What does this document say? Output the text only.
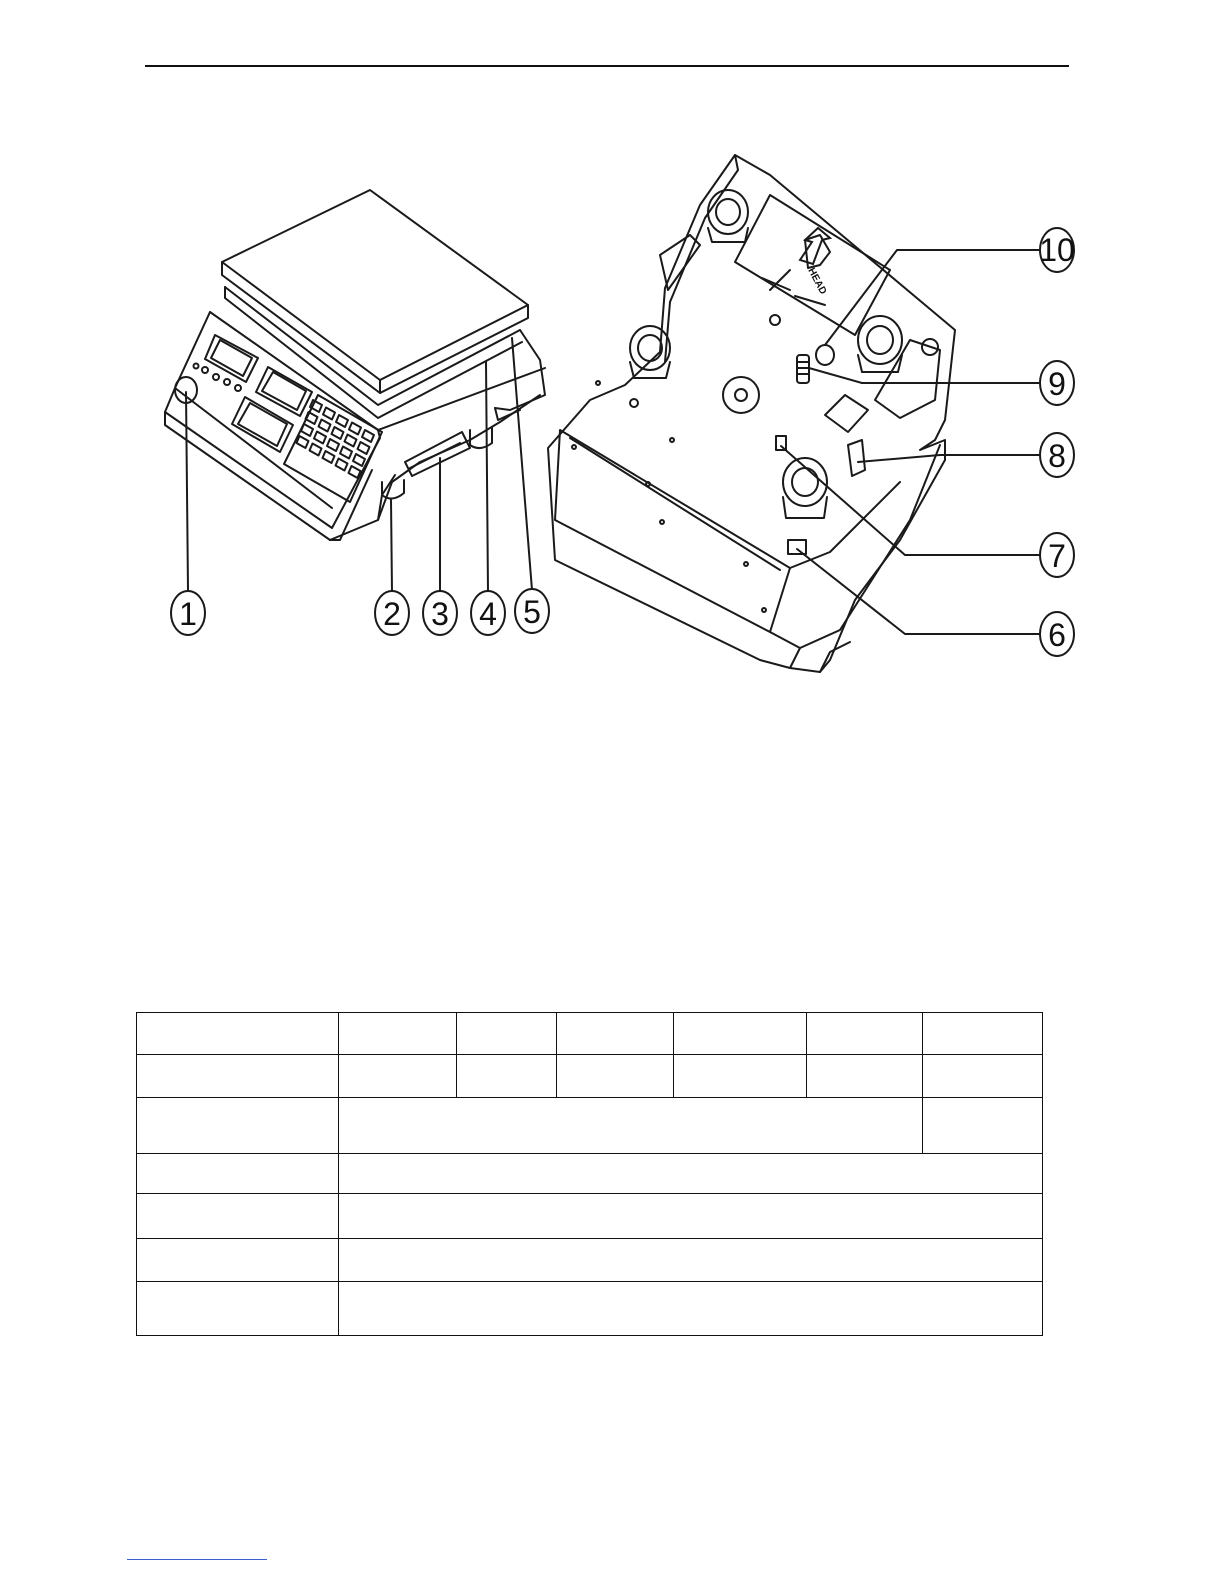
HEAD
1	2 3 4 5
6
7
8
9
10
